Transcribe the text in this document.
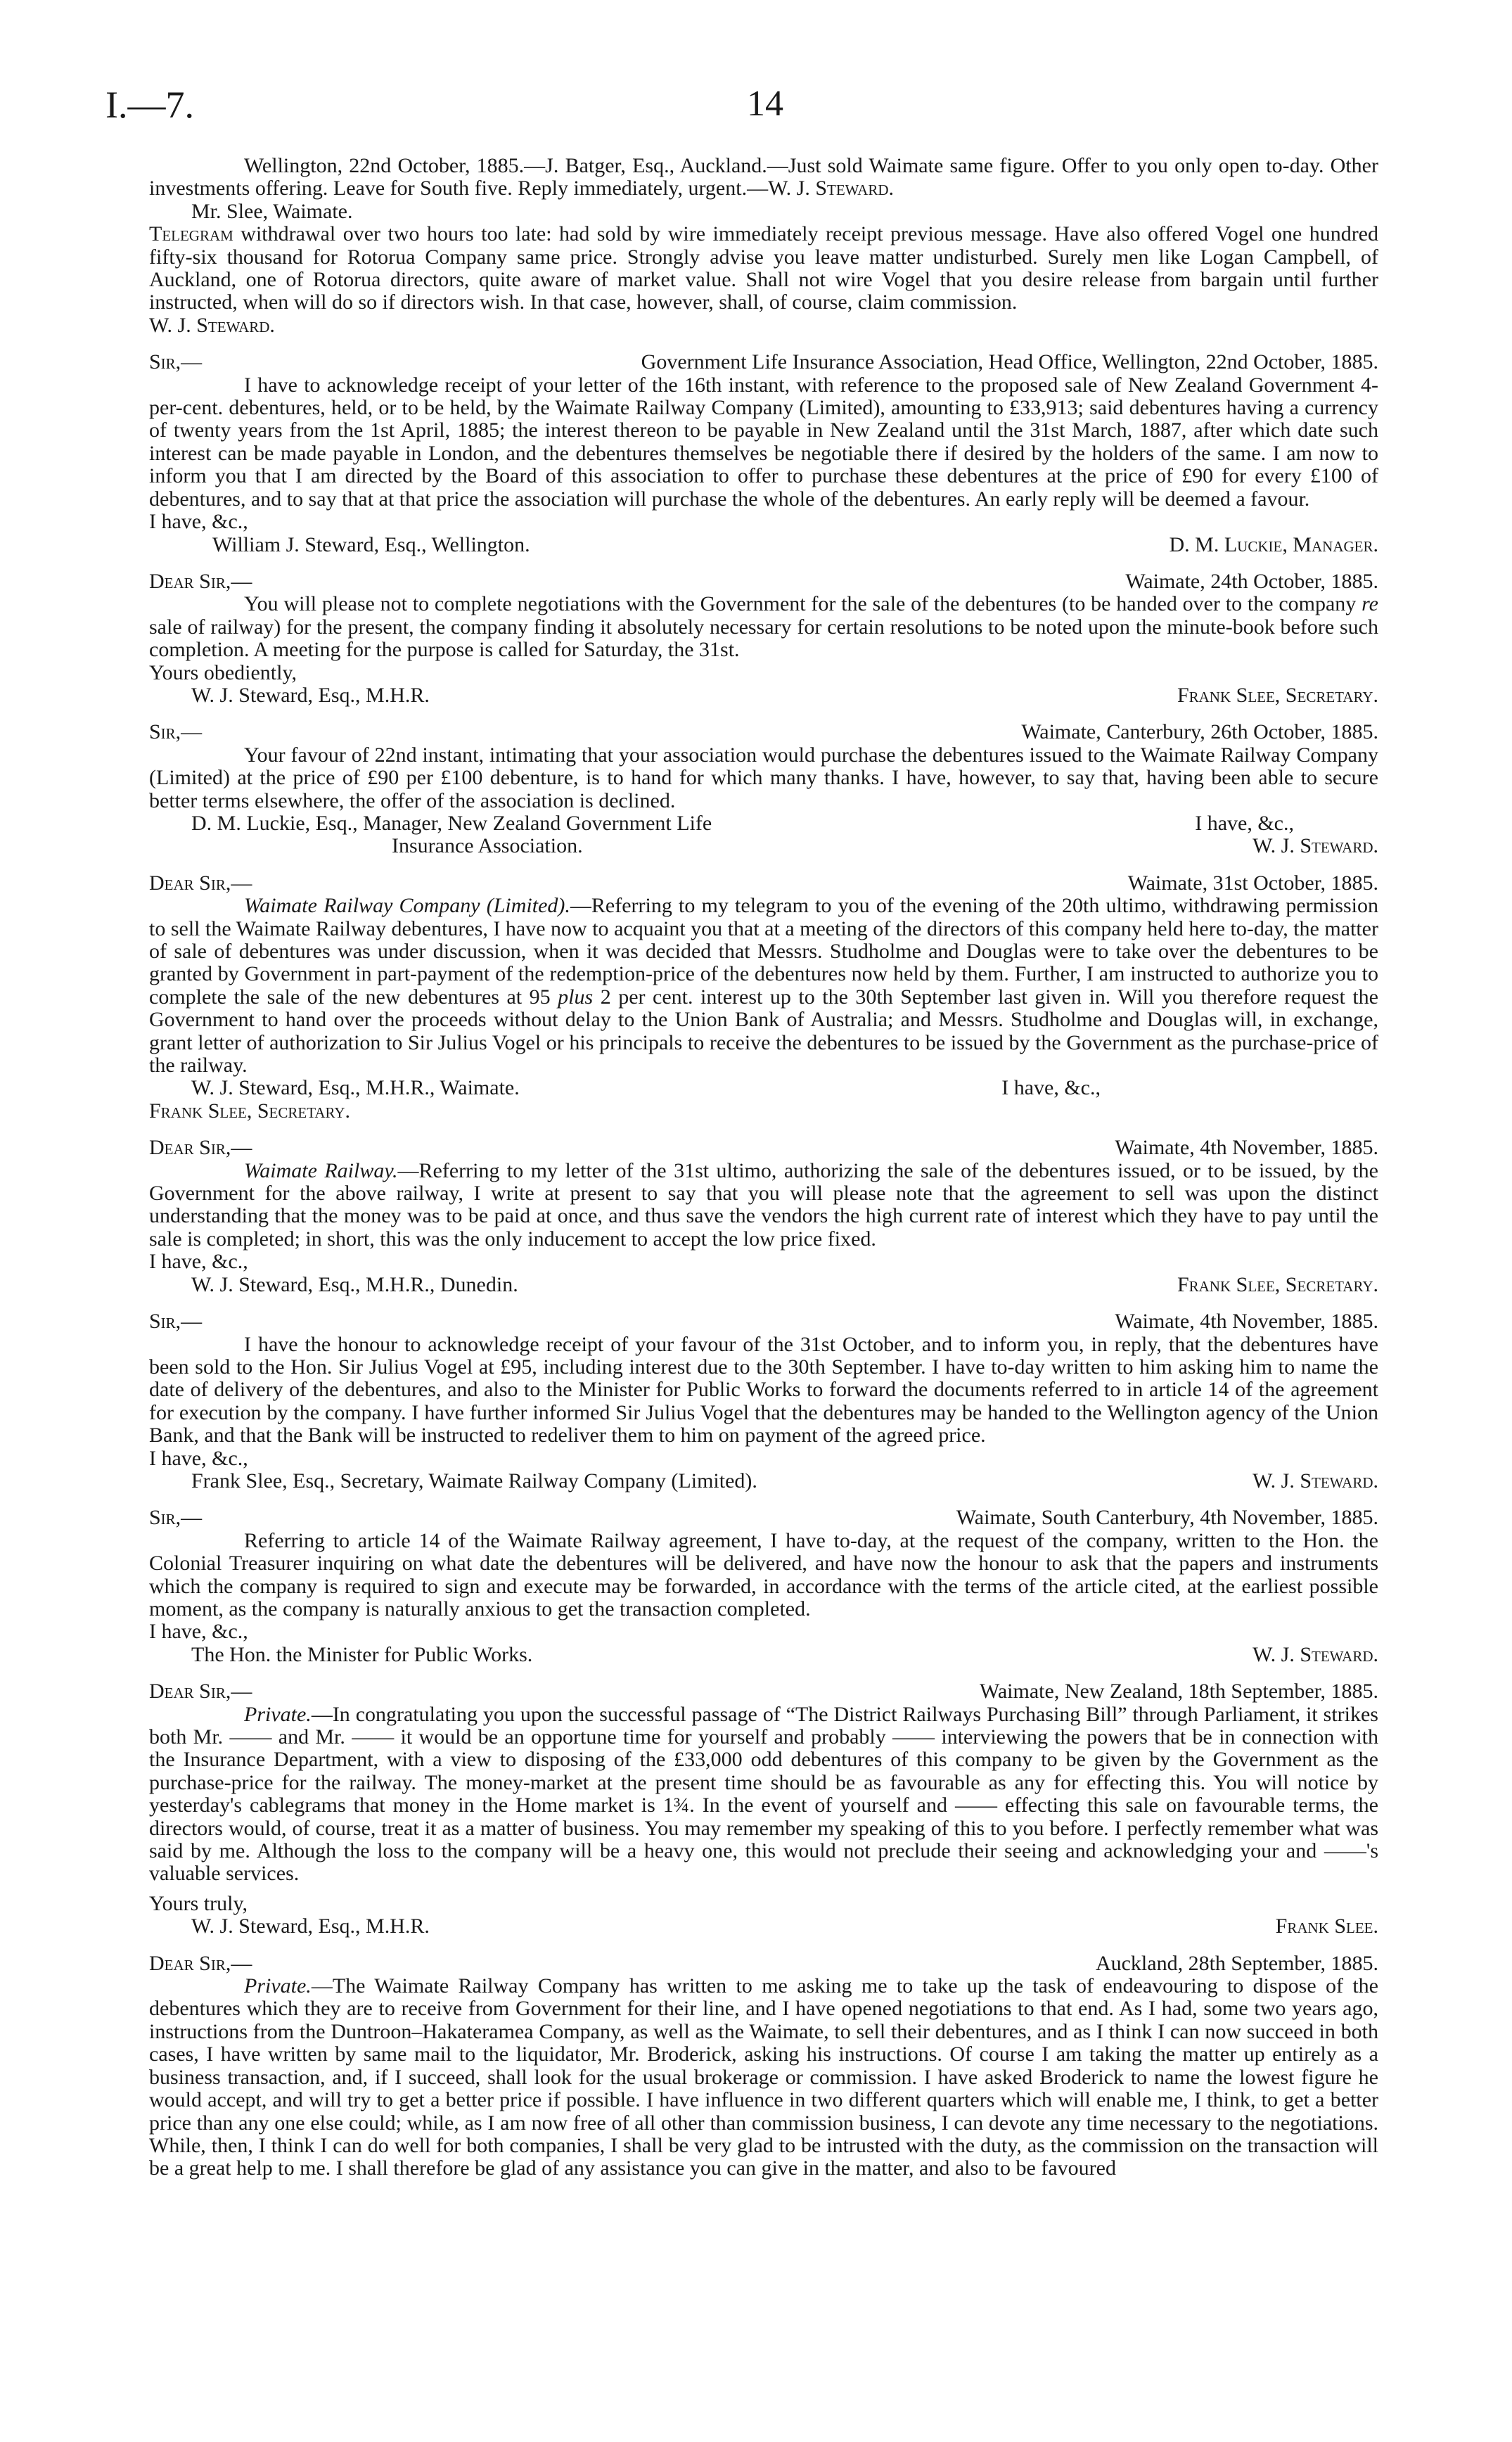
I.—7.	14

Wellington, 22nd October, 1885.—J. Batger, Esq., Auckland.—Just sold Waimate same figure. Offer to you only open to-day. Other investments offering. Leave for South five. Reply immediately, urgent.—W. J. Steward.

Mr. Slee, Waimate.

Telegram withdrawal over two hours too late: had sold by wire immediately receipt previous message. Have also offered Vogel one hundred fifty-six thousand for Rotorua Company same price. Strongly advise you leave matter undisturbed. Surely men like Logan Campbell, of Auckland, one of Rotorua directors, quite aware of market value. Shall not wire Vogel that you desire release from bargain until further instructed, when will do so if directors wish. In that case, however, shall, of course, claim commission.

W. J. Steward.

Sir,—	Government Life Insurance Association, Head Office, Wellington, 22nd October, 1885.

I have to acknowledge receipt of your letter of the 16th instant, with reference to the proposed sale of New Zealand Government 4-per-cent. debentures, held, or to be held, by the Waimate Railway Company (Limited), amounting to £33,913; said debentures having a currency of twenty years from the 1st April, 1885; the interest thereon to be payable in New Zealand until the 31st March, 1887, after which date such interest can be made payable in London, and the debentures themselves be negotiable there if desired by the holders of the same. I am now to inform you that I am directed by the Board of this association to offer to purchase these debentures at the price of £90 for every £100 of debentures, and to say that at that price the association will purchase the whole of the debentures. An early reply will be deemed a favour.

I have, &c.,

William J. Steward, Esq., Wellington.	D. M. Luckie, Manager.
Dear Sir,—	Waimate, 24th October, 1885.

You will please not to complete negotiations with the Government for the sale of the debentures (to be handed over to the company re sale of railway) for the present, the company finding it absolutely necessary for certain resolutions to be noted upon the minute-book before such completion. A meeting for the purpose is called for Saturday, the 31st.

Yours obediently,

W. J. Steward, Esq., M.H.R.	Frank Slee, Secretary.
Sir,—	Waimate, Canterbury, 26th October, 1885.

Your favour of 22nd instant, intimating that your association would purchase the debentures issued to the Waimate Railway Company (Limited) at the price of £90 per £100 debenture, is to hand for which many thanks. I have, however, to say that, having been able to secure better terms elsewhere, the offer of the association is declined.

D. M. Luckie, Esq., Manager, New Zealand Government Life	I have, &c.,
Insurance Association.	W. J. Steward.
Dear Sir,—	Waimate, 31st October, 1885.

Waimate Railway Company (Limited).—Referring to my telegram to you of the evening of the 20th ultimo, withdrawing permission to sell the Waimate Railway debentures, I have now to acquaint you that at a meeting of the directors of this company held here to-day, the matter of sale of debentures was under discussion, when it was decided that Messrs. Studholme and Douglas were to take over the debentures to be granted by Government in part-payment of the redemption-price of the debentures now held by them. Further, I am instructed to authorize you to complete the sale of the new debentures at 95 plus 2 per cent. interest up to the 30th September last given in. Will you therefore request the Government to hand over the proceeds without delay to the Union Bank of Australia; and Messrs. Studholme and Douglas will, in exchange, grant letter of authorization to Sir Julius Vogel or his principals to receive the debentures to be issued by the Government as the purchase-price of the railway.

W. J. Steward, Esq., M.H.R., Waimate.	I have, &c.,

Frank Slee, Secretary.

Dear Sir,—	Waimate, 4th November, 1885.

Waimate Railway.—Referring to my letter of the 31st ultimo, authorizing the sale of the debentures issued, or to be issued, by the Government for the above railway, I write at present to say that you will please note that the agreement to sell was upon the distinct understanding that the money was to be paid at once, and thus save the vendors the high current rate of interest which they have to pay until the sale is completed; in short, this was the only inducement to accept the low price fixed.

I have, &c.,

W. J. Steward, Esq., M.H.R., Dunedin.	Frank Slee, Secretary.
Sir,—	Waimate, 4th November, 1885.

I have the honour to acknowledge receipt of your favour of the 31st October, and to inform you, in reply, that the debentures have been sold to the Hon. Sir Julius Vogel at £95, including interest due to the 30th September. I have to-day written to him asking him to name the date of delivery of the debentures, and also to the Minister for Public Works to forward the documents referred to in article 14 of the agreement for execution by the company. I have further informed Sir Julius Vogel that the debentures may be handed to the Wellington agency of the Union Bank, and that the Bank will be instructed to redeliver them to him on payment of the agreed price.

I have, &c.,

Frank Slee, Esq., Secretary, Waimate Railway Company (Limited).	W. J. Steward.
Sir,—	Waimate, South Canterbury, 4th November, 1885.

Referring to article 14 of the Waimate Railway agreement, I have to-day, at the request of the company, written to the Hon. the Colonial Treasurer inquiring on what date the debentures will be delivered, and have now the honour to ask that the papers and instruments which the company is required to sign and execute may be forwarded, in accordance with the terms of the article cited, at the earliest possible moment, as the company is naturally anxious to get the transaction completed.

I have, &c.,

The Hon. the Minister for Public Works.	W. J. Steward.
Dear Sir,—	Waimate, New Zealand, 18th September, 1885.

Private.—In congratulating you upon the successful passage of “The District Railways Purchasing Bill” through Parliament, it strikes both Mr. —— and Mr. —— it would be an opportune time for yourself and probably —— interviewing the powers that be in connection with the Insurance Department, with a view to disposing of the £33,000 odd debentures of this company to be given by the Government as the purchase-price for the railway. The money-market at the present time should be as favourable as any for effecting this. You will notice by yesterday's cablegrams that money in the Home market is 1¾. In the event of yourself and —— effecting this sale on favourable terms, the directors would, of course, treat it as a matter of business. You may remember my speaking of this to you before. I perfectly remember what was said by me. Although the loss to the company will be a heavy one, this would not preclude their seeing and acknowledging your and ——'s valuable services.

Yours truly,

W. J. Steward, Esq., M.H.R.	Frank Slee.
Dear Sir,—	Auckland, 28th September, 1885.

Private.—The Waimate Railway Company has written to me asking me to take up the task of endeavouring to dispose of the debentures which they are to receive from Government for their line, and I have opened negotiations to that end. As I had, some two years ago, instructions from the Duntroon–Hakateramea Company, as well as the Waimate, to sell their debentures, and as I think I can now succeed in both cases, I have written by same mail to the liquidator, Mr. Broderick, asking his instructions. Of course I am taking the matter up entirely as a business transaction, and, if I succeed, shall look for the usual brokerage or commission. I have asked Broderick to name the lowest figure he would accept, and will try to get a better price if possible. I have influence in two different quarters which will enable me, I think, to get a better price than any one else could; while, as I am now free of all other than commission business, I can devote any time necessary to the negotiations. While, then, I think I can do well for both companies, I shall be very glad to be intrusted with the duty, as the commission on the transaction will be a great help to me. I shall therefore be glad of any assistance you can give in the matter, and also to be favoured
